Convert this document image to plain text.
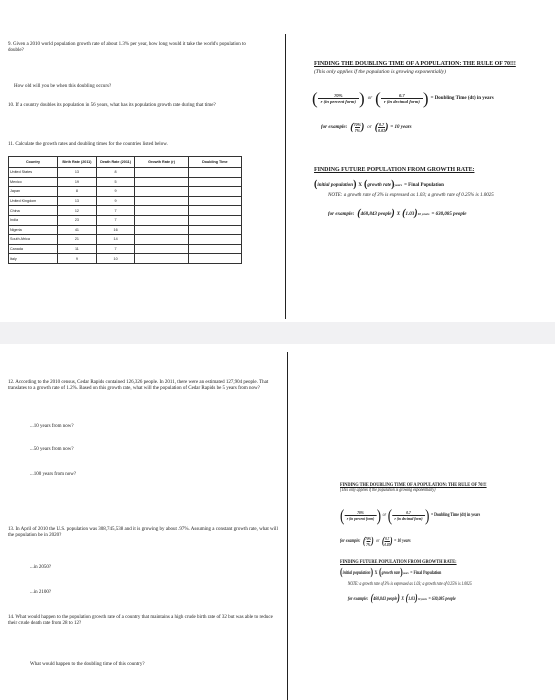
9. Given a 2010 world population growth rate of about 1.3% per year, how long would it take the world's population to double?
How old will you be when this doubling occurs?
10. If a country doubles its population in 56 years, what has its population growth rate during that time?
11. Calculate the growth rates and doubling times for the countries listed below.
Country	Birth Rate (2011)	Death Rate (2011)	Growth Rate (r)	Doubling Time
United States	13	8		
Mexico	19	5		
Japan	8	9		
United Kingdom	13	9		
China	12	7		
India	23	7		
Nigeria	41	16		
South Africa	21	14		
Canada	11	7		
Italy	9	10		
FINDING THE DOUBLING TIME OF A POPULATION: THE RULE OF 70!!!
(This only applies if the population is growing exponentially)
( $\frac{70\%}{\text{r (in percent form)}}$ ) or ( $\frac{0.7}{\text{r (in decimal form)}}$ ) = Doubling Time (dt) in years
for example: ( $\frac{70\%}{7\%}$ ) or ( $\frac{0.7}{0.07}$ ) = 10 years
FINDING FUTURE POPULATION FROM GROWTH RATE:
( initial population ) X ( growth rate ) years = Final Population
NOTE: a growth rate of 3% is expressed as 1.03; a growth rate of 0.25% is 1.0025
for example: ( 468,843 people ) X ( 1.03 ) 10 years = 630,085 people
12. According to the 2010 census, Cedar Rapids contained 126,326 people. In 2011, there were an estimated 127,904 people. That translates to a growth rate of 1.2%. Based on this growth rate, what will the population of Cedar Rapids be 5 years from now?
...10 years from now?
...50 years from now?
...100 years from now?
13. In April of 2010 the U.S. population was 308,745,538 and it is growing by about .97%. Assuming a constant growth rate, what will the population be in 2020?
...in 2050?
...in 2100?
14. What would happen to the population growth rate of a country that maintains a high crude birth rate of 32 but was able to reduce their crude death rate from 28 to 12?
What would happen to the doubling time of this country?
FINDING THE DOUBLING TIME OF A POPULATION: THE RULE OF 70!!!
(This only applies if the population is growing exponentially)
( $\frac{70\%}{\text{r (in percent form)}}$ ) or ( $\frac{0.7}{\text{r (in decimal form)}}$ ) = Doubling Time (dt) in years
for example: ( $\frac{70\%}{7\%}$ ) or ( $\frac{0.7}{0.07}$ ) = 10 years
FINDING FUTURE POPULATION FROM GROWTH RATE:
( initial population ) X ( growth rate ) years = Final Population
NOTE: a growth rate of 3% is expressed as 1.03; a growth rate of 0.25% is 1.0025
for example: ( 468,843 people ) X ( 1.03 ) 10 years = 630,085 people
